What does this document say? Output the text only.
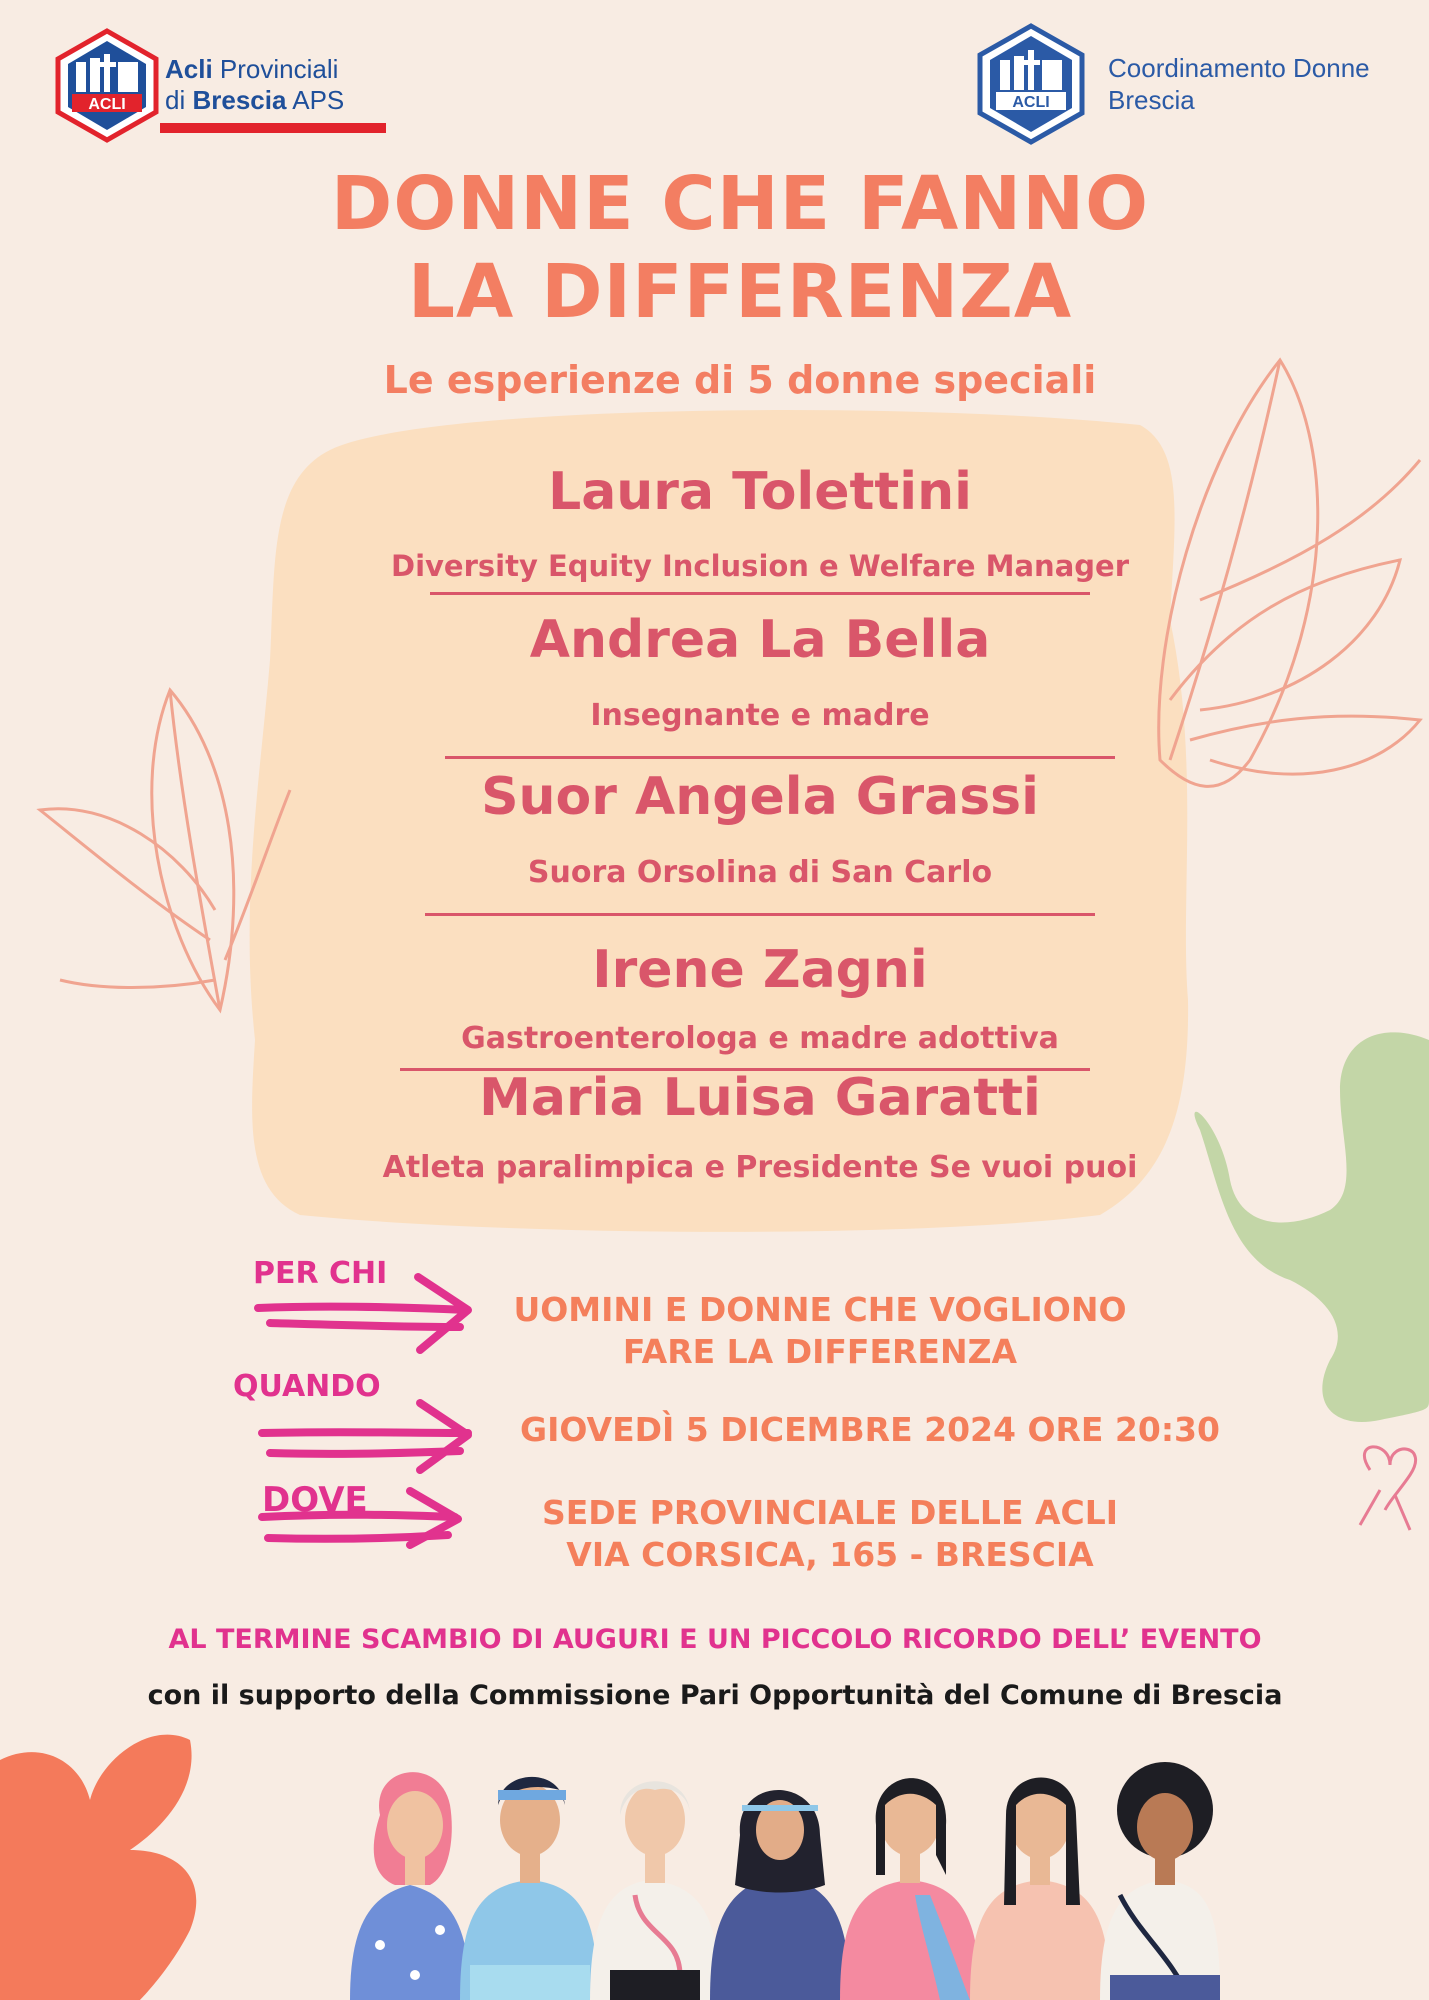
ACLI
Acli Provinciali
di Brescia APS	ACLI
Coordinamento Donne
Brescia
DONNE CHE FANNO
LA DIFFERENZA
Le esperienze di 5 donne speciali
Laura Tolettini
Diversity Equity Inclusion e Welfare Manager
Andrea La Bella
Insegnante e madre
Suor Angela Grassi
Suora Orsolina di San Carlo
Irene Zagni
Gastroenterologa e madre adottiva
Maria Luisa Garatti
Atleta paralimpica e Presidente Se vuoi puoi
PER CHI
QUANDO
DOVE
UOMINI E DONNE CHE VOGLIONO
FARE LA DIFFERENZA
GIOVEDÌ 5 DICEMBRE 2024 ORE 20:30
SEDE PROVINCIALE DELLE ACLI
VIA CORSICA, 165 - BRESCIA
AL TERMINE SCAMBIO DI AUGURI E UN PICCOLO RICORDO DELL’ EVENTO
con il supporto della Commissione Pari Opportunità del Comune di Brescia
